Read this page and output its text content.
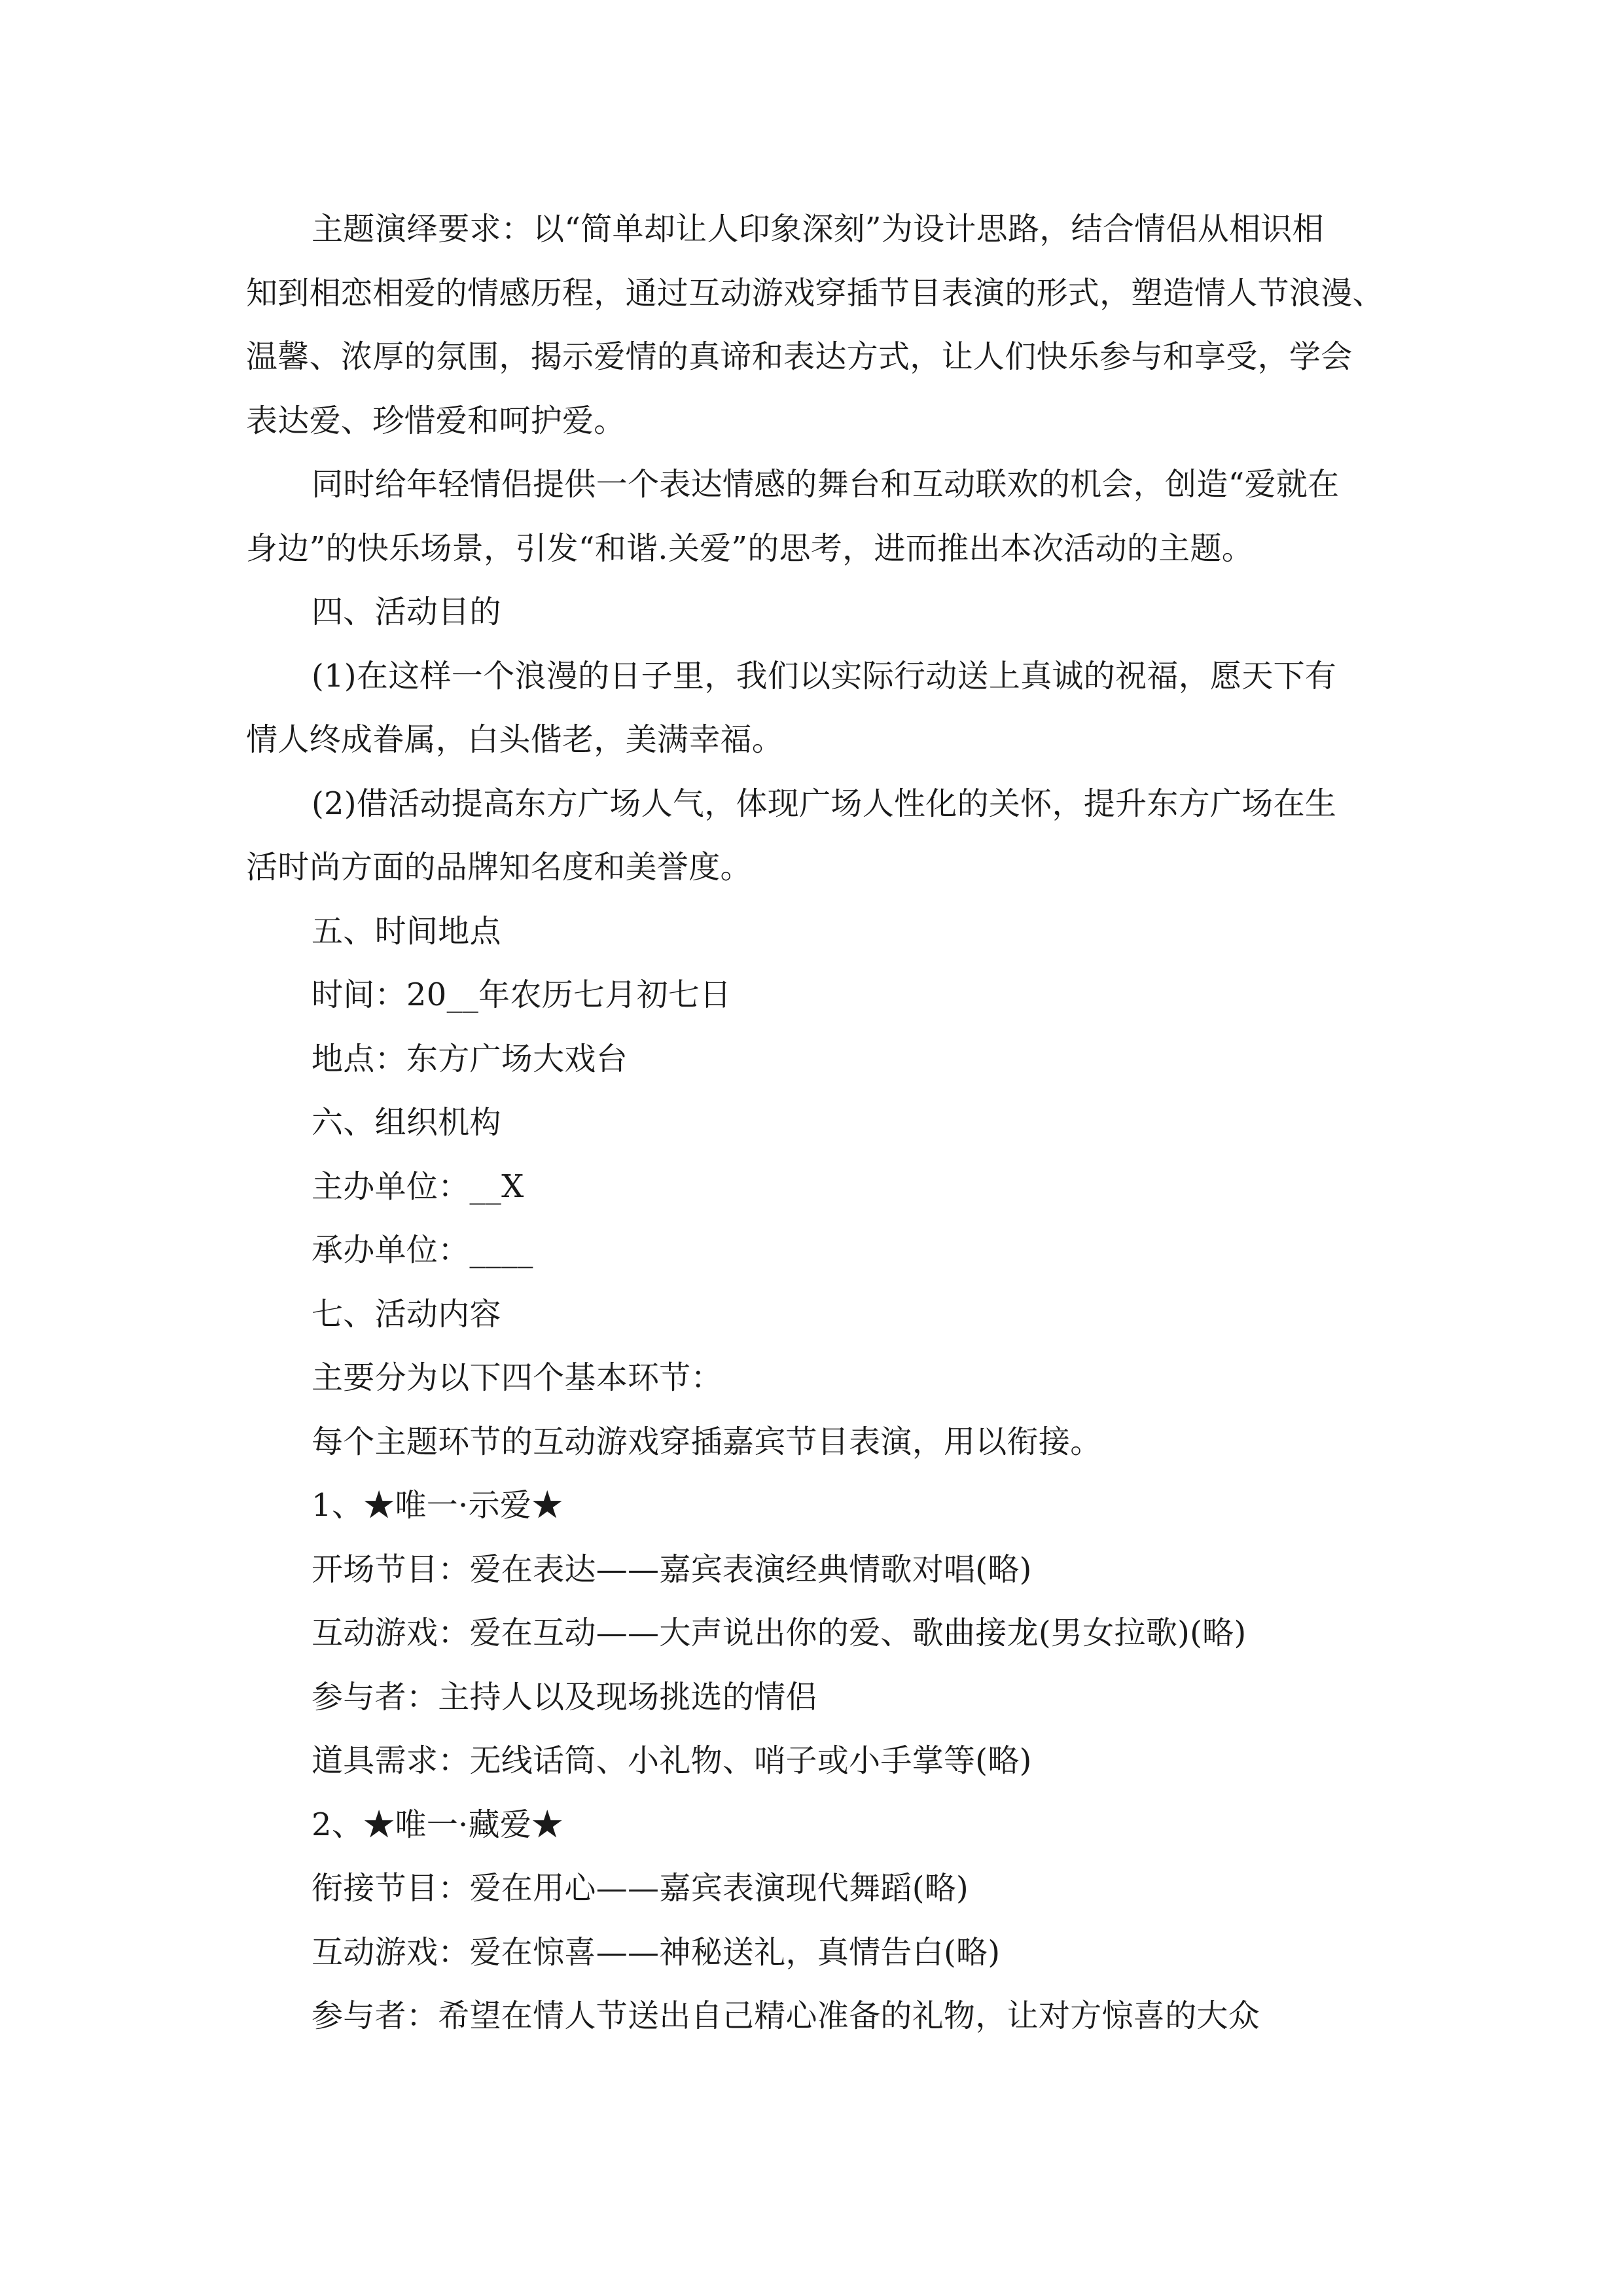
主题演绎要求：以“简单却让人印象深刻”为设计思路，结合情侣从相识相
知到相恋相爱的情感历程，通过互动游戏穿插节目表演的形式，塑造情人节浪漫、
温馨、浓厚的氛围，揭示爱情的真谛和表达方式，让人们快乐参与和享受，学会
表达爱、珍惜爱和呵护爱。
同时给年轻情侣提供一个表达情感的舞台和互动联欢的机会，创造“爱就在
身边”的快乐场景，引发“和谐.关爱”的思考，进而推出本次活动的主题。
四、活动目的
(1)在这样一个浪漫的日子里，我们以实际行动送上真诚的祝福，愿天下有
情人终成眷属，白头偕老，美满幸福。
(2)借活动提高东方广场人气，体现广场人性化的关怀，提升东方广场在生
活时尚方面的品牌知名度和美誉度。
五、时间地点
时间：20__年农历七月初七日
地点：东方广场大戏台
六、组织机构
主办单位：__X
承办单位：____
七、活动内容
主要分为以下四个基本环节：
每个主题环节的互动游戏穿插嘉宾节目表演，用以衔接。
1、★唯一·示爱★
开场节目：爱在表达——嘉宾表演经典情歌对唱(略)
互动游戏：爱在互动——大声说出你的爱、歌曲接龙(男女拉歌)(略)
参与者：主持人以及现场挑选的情侣
道具需求：无线话筒、小礼物、哨子或小手掌等(略)
2、★唯一·藏爱★
衔接节目：爱在用心——嘉宾表演现代舞蹈(略)
互动游戏：爱在惊喜——神秘送礼，真情告白(略)
参与者：希望在情人节送出自己精心准备的礼物，让对方惊喜的大众
